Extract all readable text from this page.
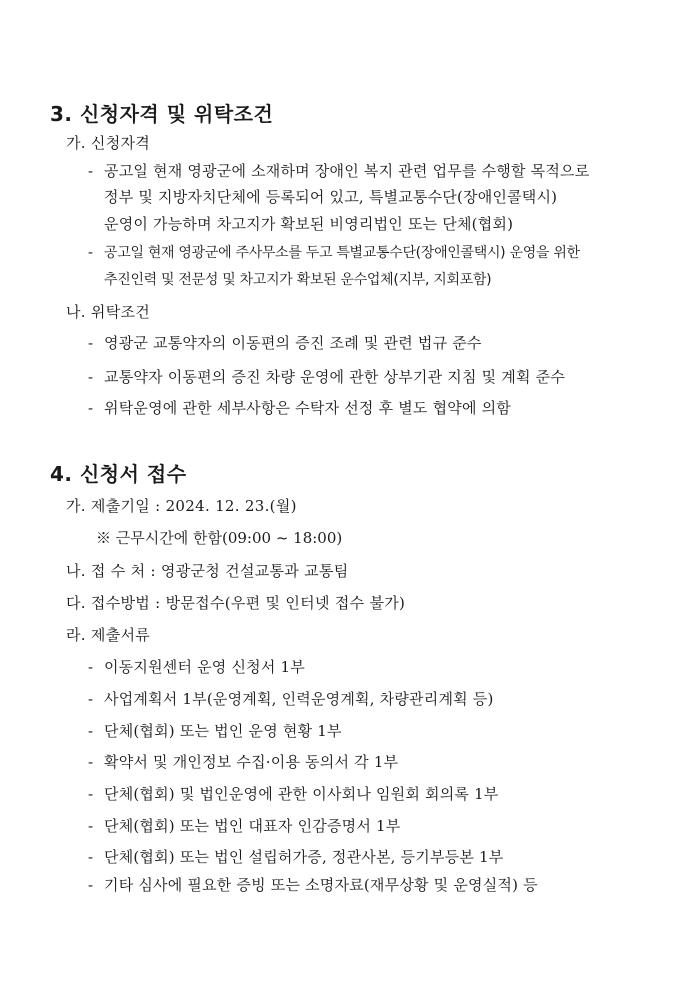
3. 신청자격 및 위탁조건
가. 신청자격
- 공고일 현재 영광군에 소재하며 장애인 복지 관련 업무를 수행할 목적으로
정부 및 지방자치단체에 등록되어 있고, 특별교통수단(장애인콜택시)
운영이 가능하며 차고지가 확보된 비영리법인 또는 단체(협회)
- 공고일 현재 영광군에 주사무소를 두고 특별교통수단(장애인콜택시) 운영을 위한
추진인력 및 전문성 및 차고지가 확보된 운수업체(지부, 지회포함)
나. 위탁조건
- 영광군 교통약자의 이동편의 증진 조례 및 관련 법규 준수
- 교통약자 이동편의 증진 차량 운영에 관한 상부기관 지침 및 계획 준수
- 위탁운영에 관한 세부사항은 수탁자 선정 후 별도 협약에 의함
4. 신청서 접수
가. 제출기일 : 2024. 12. 23.(월)
※ 근무시간에 한함(09:00 ~ 18:00)
나. 접 수 처 : 영광군청 건설교통과 교통팀
다. 접수방법 : 방문접수(우편 및 인터넷 접수 불가)
라. 제출서류
- 이동지원센터 운영 신청서 1부
- 사업계획서 1부(운영계획, 인력운영계획, 차량관리계획 등)
- 단체(협회) 또는 법인 운영 현황 1부
- 확약서 및 개인정보 수집·이용 동의서 각 1부
- 단체(협회) 및 법인운영에 관한 이사회나 임원회 회의록 1부
- 단체(협회) 또는 법인 대표자 인감증명서 1부
- 단체(협회) 또는 법인 설립허가증, 정관사본, 등기부등본 1부
- 기타 심사에 필요한 증빙 또는 소명자료(재무상황 및 운영실적) 등
